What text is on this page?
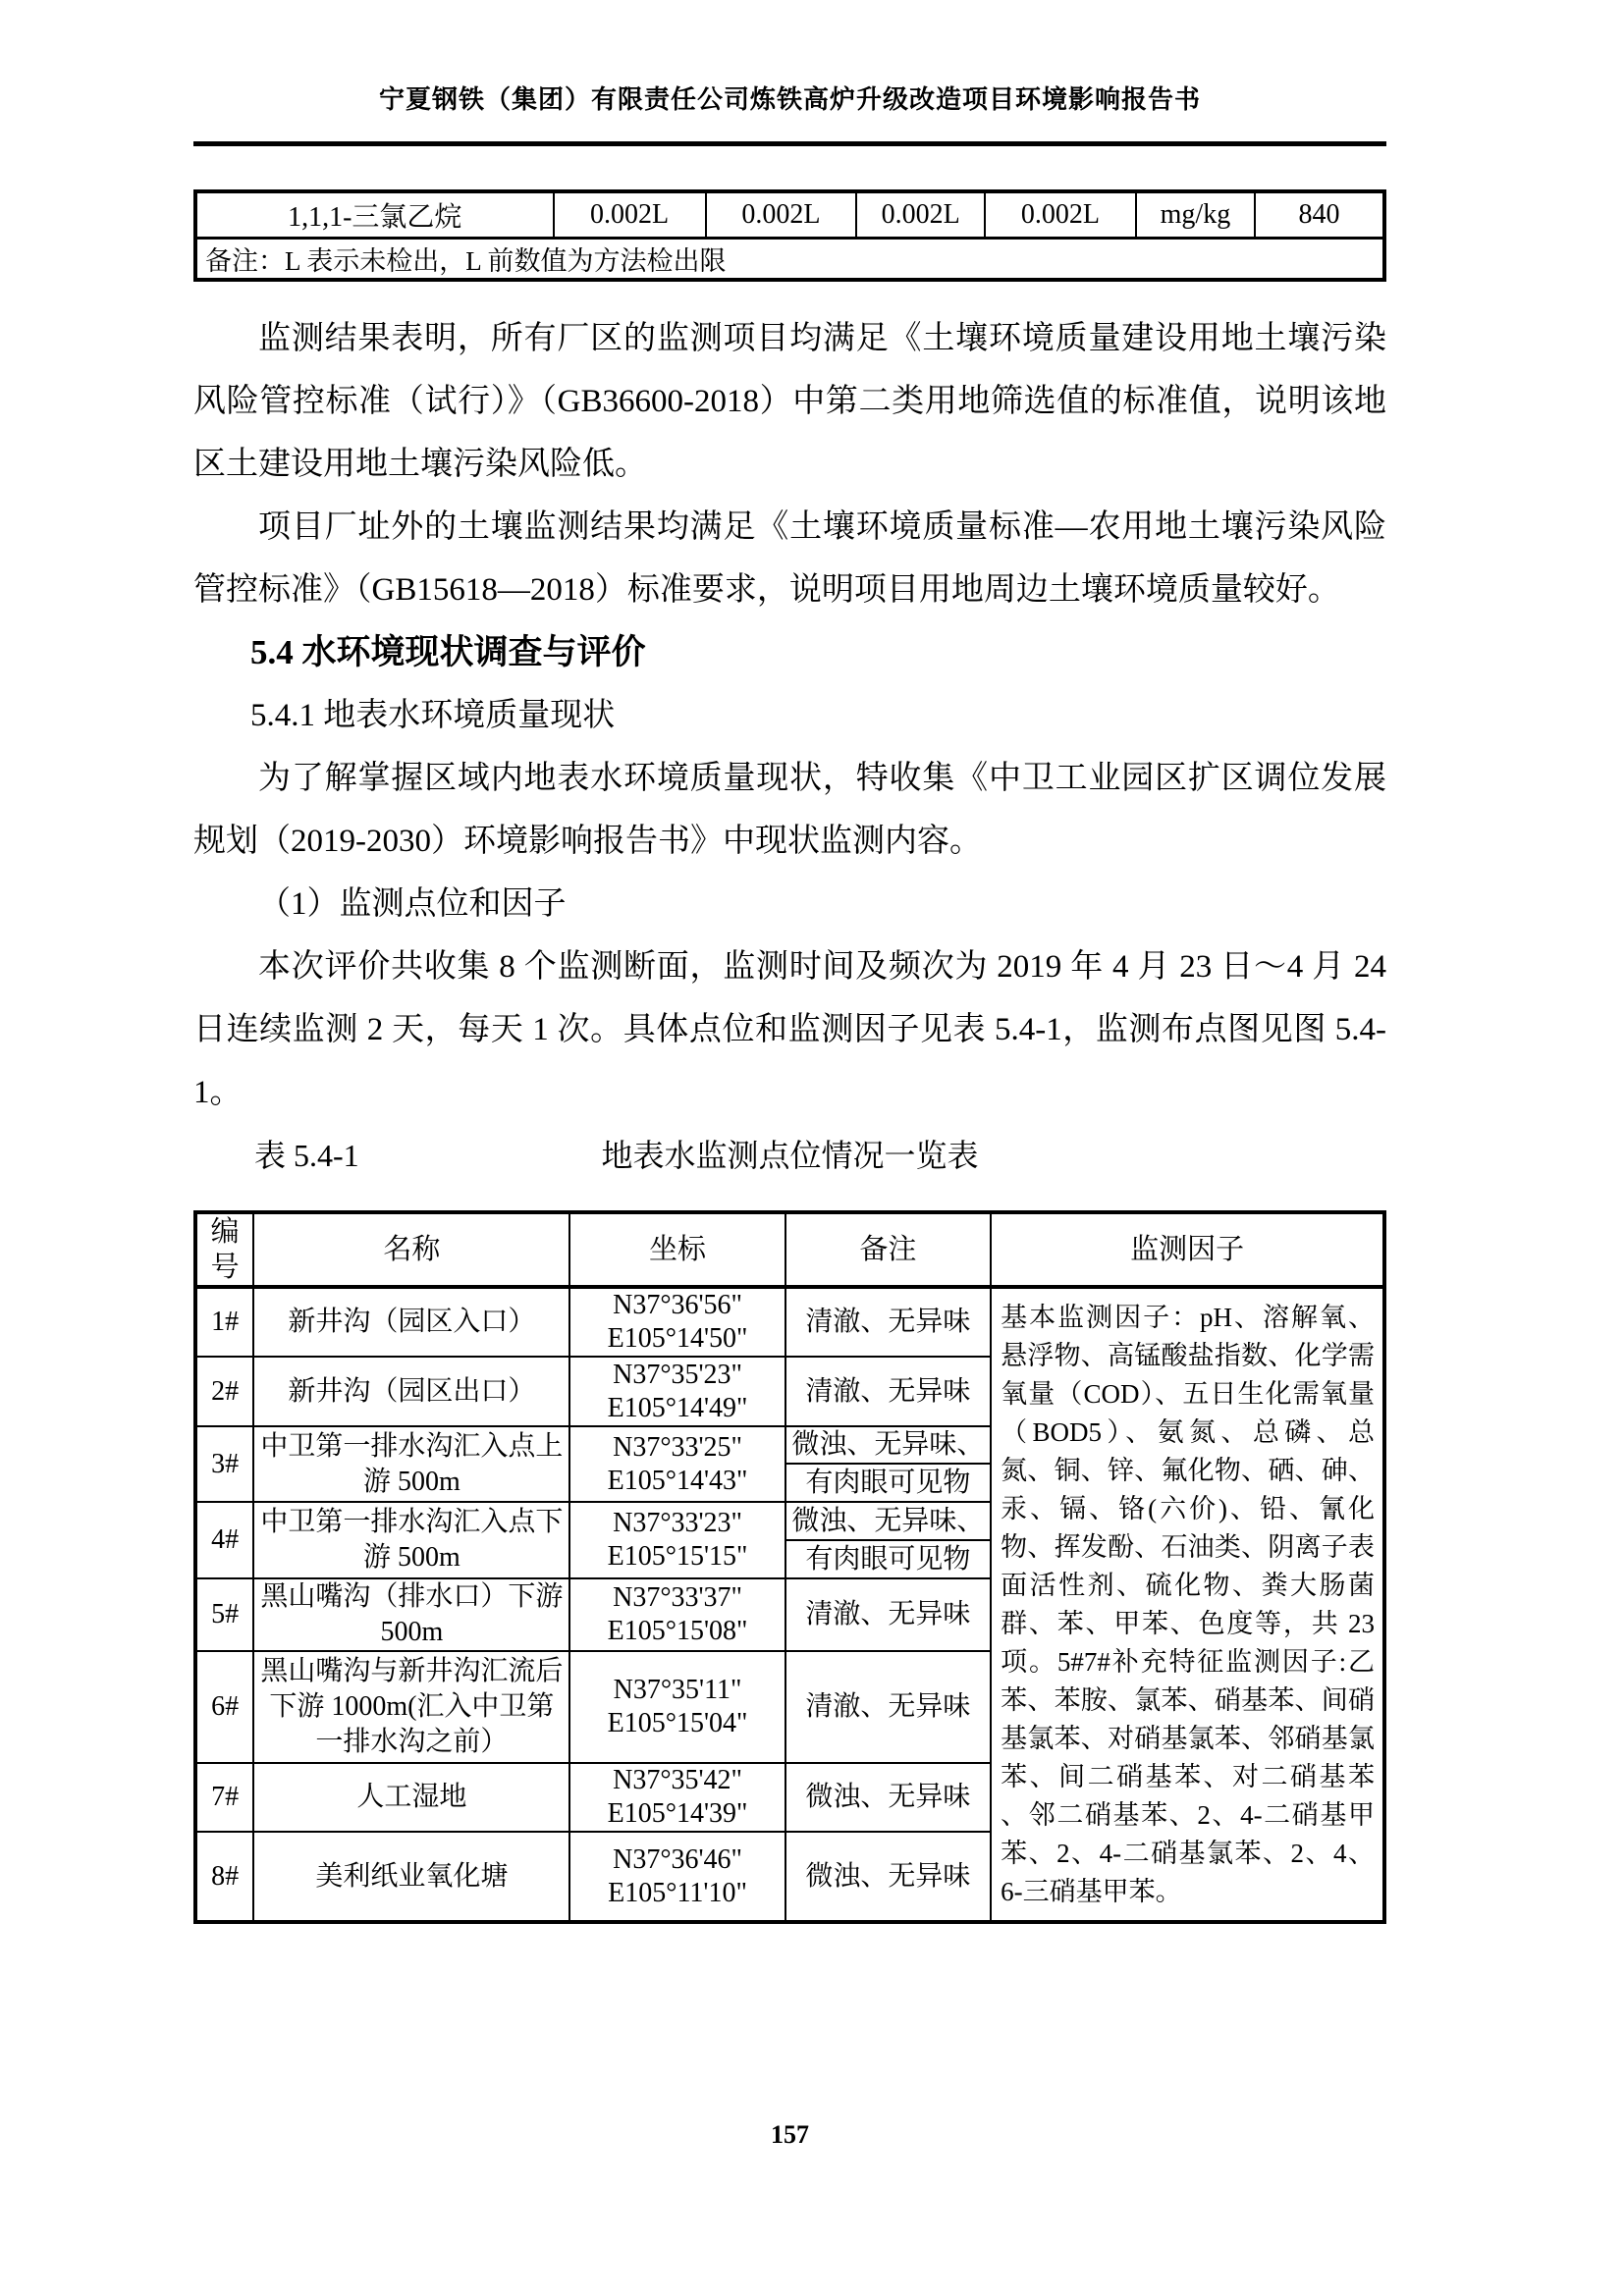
宁夏钢铁（集团）有限责任公司炼铁高炉升级改造项目环境影响报告书
1,1,1-三氯乙烷	0.002L	0.002L	0.002L	0.002L	mg/kg	840
备注：L 表示未检出，L 前数值为方法检出限

监测结果表明，所有厂区的监测项目均满足《土壤环境质量建设用地土壤污染风险管控标准（试行）》（GB36600-2018）中第二类用地筛选值的标准值，说明该地区土建设用地土壤污染风险低。

项目厂址外的土壤监测结果均满足《土壤环境质量标准—农用地土壤污染风险管控标准》（GB15618—2018）标准要求，说明项目用地周边土壤环境质量较好。

5.4 水环境现状调查与评价
5.4.1 地表水环境质量现状

为了解掌握区域内地表水环境质量现状，特收集《中卫工业园区扩区调位发展规划（2019-2030）环境影响报告书》中现状监测内容。

（1）监测点位和因子

本次评价共收集 8 个监测断面，监测时间及频次为 2019 年 4 月 23 日～4 月 24 日连续监测 2 天，每天 1 次。具体点位和监测因子见表 5.4-1，监测布点图见图 5.4-1。

表 5.4-1	地表水监测点位情况一览表
编号	名称	坐标	备注	监测因子
1#	新井沟（园区入口）	N37°36'56"
E105°14'50"	清澈、无异味	基本监测因子：pH、溶解氧、悬浮物、高锰酸盐指数、化学需氧量（COD）、五日生化需氧量（BOD5）、氨氮、总磷、总氮、铜、锌、氟化物、硒、砷、汞、镉、铬(六价)、铅、氰化物、挥发酚、石油类、阴离子表面活性剂、硫化物、粪大肠菌群、苯、甲苯、色度等，共 23 项。5#7#补充特征监测因子:乙苯、苯胺、氯苯、硝基苯、间硝基氯苯、对硝基氯苯、邻硝基氯苯、间二硝基苯、对二硝基苯 、邻二硝基苯、2、4-二硝基甲苯、2、4-二硝基氯苯、2、4、6-三硝基甲苯。
2#	新井沟（园区出口）	N37°35'23"
E105°14'49"	清澈、无异味	
3#	中卫第一排水沟汇入点上游 500m	N37°33'25"
E105°14'43"	微浊、无异味、	
			有肉眼可见物	
4#	中卫第一排水沟汇入点下游 500m	N37°33'23"
E105°15'15"	微浊、无异味、	
			有肉眼可见物	
5#	黑山嘴沟（排水口）下游 500m	N37°33'37"
E105°15'08"	清澈、无异味	
6#	黑山嘴沟与新井沟汇流后下游 1000m(汇入中卫第一排水沟之前）	N37°35'11"
E105°15'04"	清澈、无异味	
7#	人工湿地	N37°35'42"
E105°14'39"	微浊、无异味	
8#	美利纸业氧化塘	N37°36'46"
E105°11'10"	微浊、无异味	
157
